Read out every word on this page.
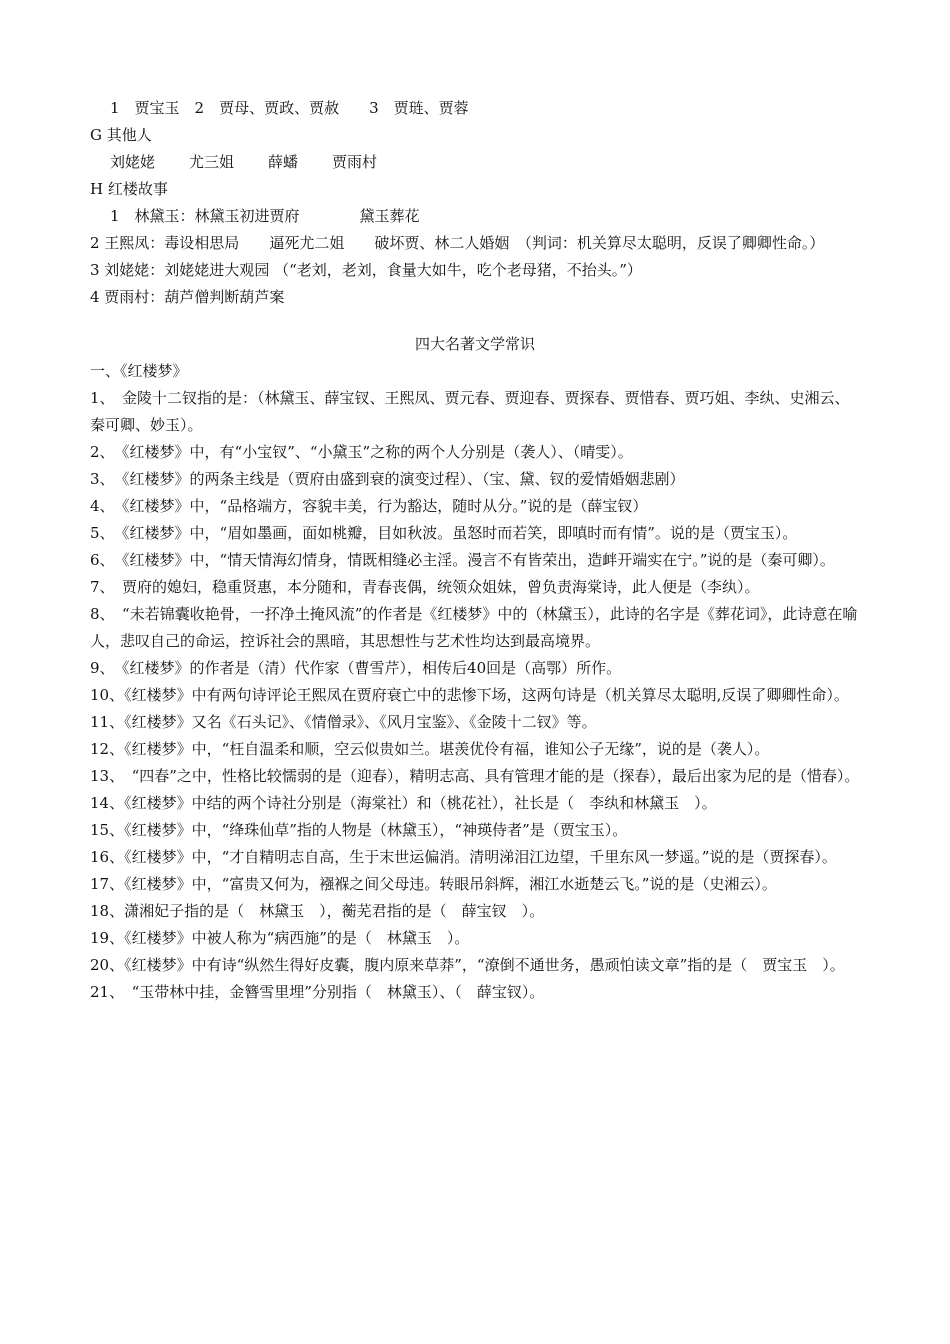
1　贾宝玉　2　贾母、贾政、贾赦　　3　贾琏、贾蓉
G 其他人
刘姥姥 尤三姐 薛蟠 贾雨村
H 红楼故事
1　林黛玉：林黛玉初进贾府　　　　黛玉葬花
2 王熙凤：毒设相思局　　逼死尤二姐　　破坏贾、林二人婚姻　（判词：机关算尽太聪明，反误了卿卿性命。）
3 刘姥姥：刘姥姥进大观园 （“老刘，老刘，食量大如牛，吃个老母猪，不抬头。”）
4 贾雨村：葫芦僧判断葫芦案
四大名著文学常识
一、《红楼梦》
1、　金陵十二钗指的是：（林黛玉、薛宝钗、王熙凤、贾元春、贾迎春、贾探春、贾惜春、贾巧姐、李纨、史湘云、秦可卿、妙玉）。
2、　《红楼梦》中，有“小宝钗”、“小黛玉”之称的两个人分别是（袭人）、（晴雯）。
3、　《红楼梦》的两条主线是（贾府由盛到衰的演变过程）、（宝、黛、钗的爱情婚姻悲剧）
4、　《红楼梦》中，“品格端方，容貌丰美，行为豁达，随时从分。”说的是（薛宝钗）
5、　《红楼梦》中，“眉如墨画，面如桃瓣，目如秋波。虽怒时而若笑，即嗔时而有情”。说的是（贾宝玉）。
6、　《红楼梦》中，“情天情海幻情身，情既相缝必主淫。漫言不有皆荣出，造衅开端实在宁。”说的是（秦可卿）。
7、　贾府的媳妇，稳重贤惠，本分随和，青春丧偶，统领众姐妹，曾负责海棠诗，此人便是（李纨）。
8、　“未若锦囊收艳骨，一抔净土掩风流”的作者是《红楼梦》中的（林黛玉），此诗的名字是《葬花词》，此诗意在喻人，悲叹自己的命运，控诉社会的黑暗，其思想性与艺术性均达到最高境界。
9、　《红楼梦》的作者是（清）代作家（曹雪芹），相传后40回是（高鄂）所作。
10、《红楼梦》中有两句诗评论王熙凤在贾府衰亡中的悲惨下场，这两句诗是（机关算尽太聪明,反误了卿卿性命）。
11、《红楼梦》又名《石头记》、《情僧录》、《风月宝鉴》、《金陵十二钗》等。
12、《红楼梦》中，“枉自温柔和顺，空云似贵如兰。堪羡优伶有福，谁知公子无缘”，说的是（袭人）。
13、　“四春”之中，性格比较懦弱的是（迎春），精明志高、具有管理才能的是（探春），最后出家为尼的是（惜春）。
14、《红楼梦》中结的两个诗社分别是（海棠社）和（桃花社），社长是（　李纨和林黛玉　）。
15、《红楼梦》中，“绛珠仙草”指的人物是（林黛玉），“神瑛侍者”是（贾宝玉）。
16、《红楼梦》中，“才自精明志自高，生于末世运偏消。清明涕泪江边望，千里东风一梦遥。”说的是（贾探春）。
17、《红楼梦》中，“富贵又何为，襁褓之间父母违。转眼吊斜辉，湘江水逝楚云飞。”说的是（史湘云）。
18、潇湘妃子指的是（　林黛玉　），蘅芜君指的是（　薛宝钗　）。
19、《红楼梦》中被人称为“病西施”的是（　林黛玉　）。
20、《红楼梦》中有诗“纵然生得好皮囊，腹内原来草莽”，“潦倒不通世务，愚顽怕读文章”指的是（　贾宝玉　）。
21、　“玉带林中挂，金簪雪里埋”分别指（　林黛玉）、（　薛宝钗）。
